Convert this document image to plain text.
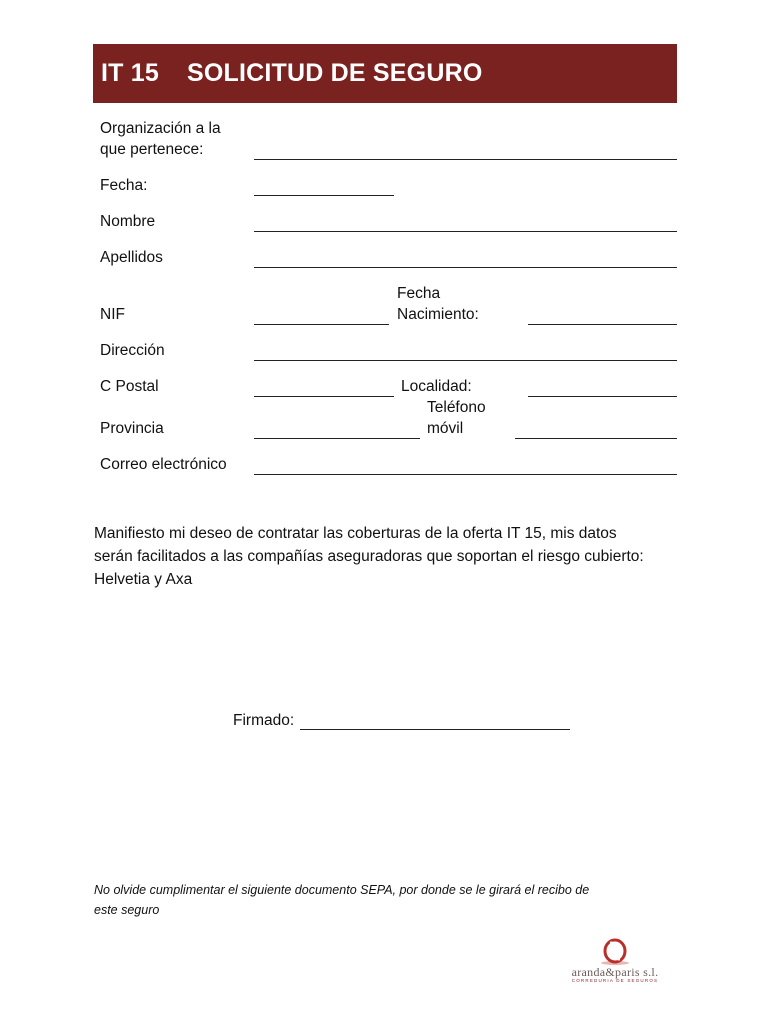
IT 15 SOLICITUD DE SEGURO
Organización a la
que pertenece:
Fecha:
Nombre
Apellidos
NIF
Fecha
Nacimiento:
Dirección
C Postal	Localidad:
Provincia
Teléfono
móvil
Correo electrónico
Manifiesto mi deseo de contratar las coberturas de la oferta IT 15, mis datos
serán facilitados a las compañías aseguradoras que soportan el riesgo cubierto:
Helvetia y Axa
Firmado:
No olvide cumplimentar el siguiente documento SEPA, por donde se le girará el recibo de
este seguro
aranda&paris s.l.
CORREDURIA DE SEGUROS
